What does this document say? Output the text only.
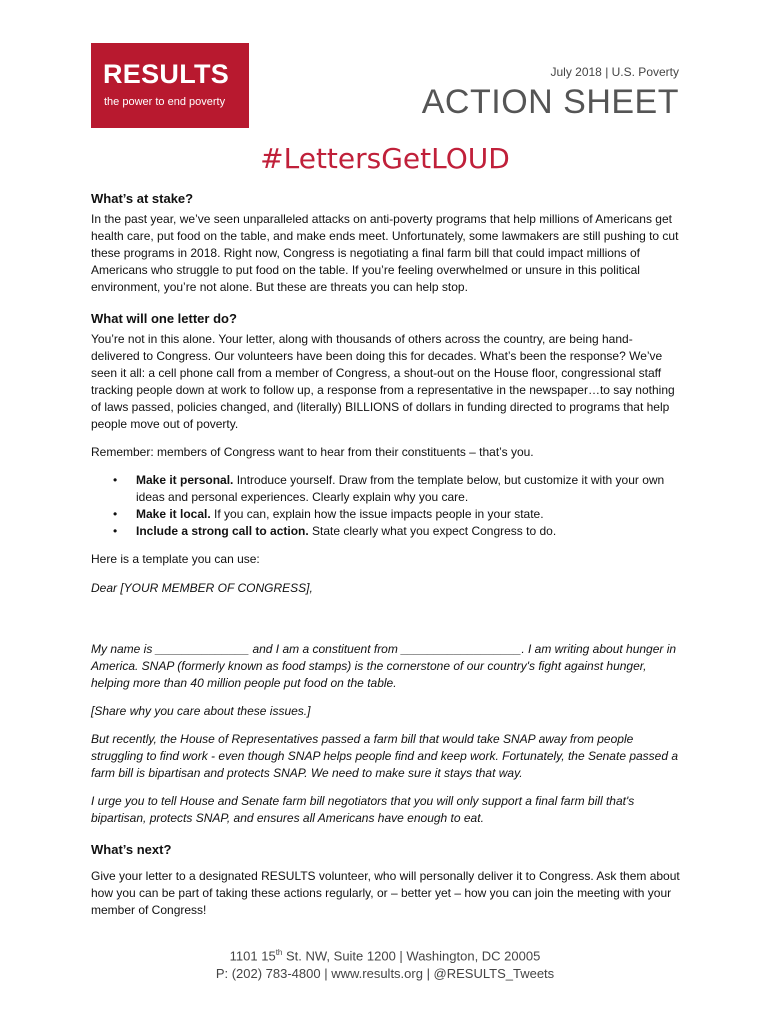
RESULTS
the power to end poverty
July 2018 | U.S. Poverty
ACTION SHEET
#LettersGetLOUD
What’s at stake?

In the past year, we’ve seen unparalleled attacks on anti-poverty programs that help millions of Americans get health care, put food on the table, and make ends meet. Unfortunately, some lawmakers are still pushing to cut these programs in 2018. Right now, Congress is negotiating a final farm bill that could impact millions of Americans who struggle to put food on the table. If you’re feeling overwhelmed or unsure in this political environment, you’re not alone. But these are threats you can help stop.

What will one letter do?

You’re not in this alone. Your letter, along with thousands of others across the country, are being hand-delivered to Congress. Our volunteers have been doing this for decades. What’s been the response? We’ve seen it all: a cell phone call from a member of Congress, a shout-out on the House floor, congressional staff tracking people down at work to follow up, a response from a representative in the newspaper…to say nothing of laws passed, policies changed, and (literally) BILLIONS of dollars in funding directed to programs that help people move out of poverty.

Remember: members of Congress want to hear from their constituents – that’s you.

• Make it personal. Introduce yourself. Draw from the template below, but customize it with your own ideas and personal experiences. Clearly explain why you care.
• Make it local. If you can, explain how the issue impacts people in your state.
• Include a strong call to action. State clearly what you expect Congress to do.

Here is a template you can use:

Dear [YOUR MEMBER OF CONGRESS],

My name is ______________ and I am a constituent from __________________. I am writing about hunger in America. SNAP (formerly known as food stamps) is the cornerstone of our country's fight against hunger, helping more than 40 million people put food on the table.

[Share why you care about these issues.]

But recently, the House of Representatives passed a farm bill that would take SNAP away from people struggling to find work - even though SNAP helps people find and keep work. Fortunately, the Senate passed a farm bill is bipartisan and protects SNAP. We need to make sure it stays that way.

I urge you to tell House and Senate farm bill negotiators that you will only support a final farm bill that's bipartisan, protects SNAP, and ensures all Americans have enough to eat.

What’s next?

Give your letter to a designated RESULTS volunteer, who will personally deliver it to Congress. Ask them about how you can be part of taking these actions regularly, or – better yet – how you can join the meeting with your member of Congress!

1101 15th St. NW, Suite 1200 | Washington, DC 20005
P: (202) 783-4800 | www.results.org | @RESULTS_Tweets
